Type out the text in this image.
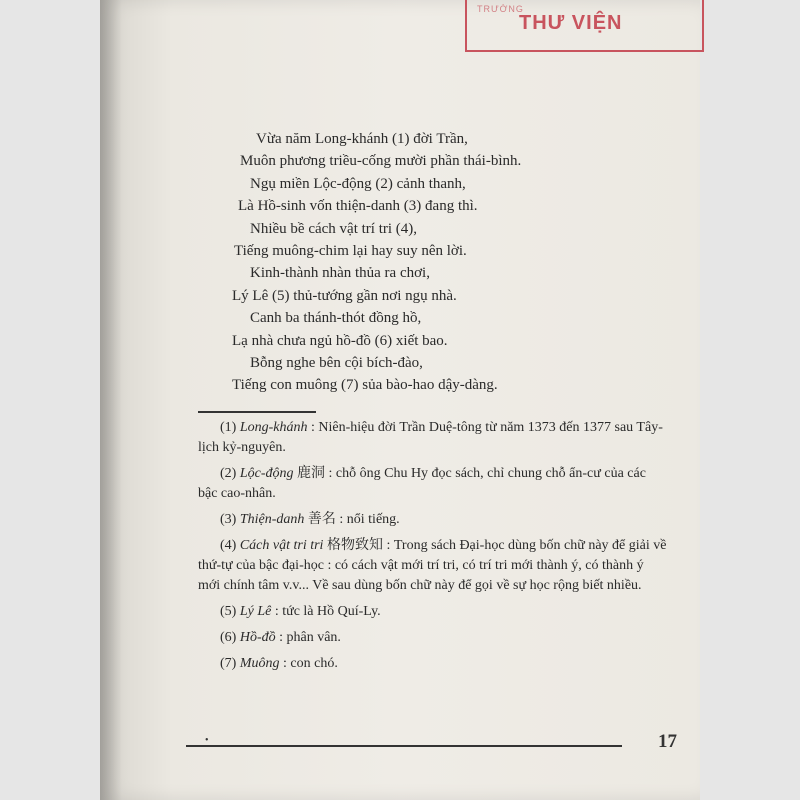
TRƯỜNG
THƯ VIỆN
Vừa năm Long-khánh (1) đời Trần,
Muôn phương triều-cống mười phần thái-bình.
Ngụ miền Lộc-động (2) cảnh thanh,
Là Hồ-sinh vốn thiện-danh (3) đang thì.
Nhiều bề cách vật trí tri (4),
Tiếng muông-chim lại hay suy nên lời.
Kinh-thành nhàn thủa ra chơi,
Lý Lê (5) thủ-tướng gần nơi ngụ nhà.
Canh ba thánh-thót đồng hồ,
Lạ nhà chưa ngủ hồ-đồ (6) xiết bao.
Bỗng nghe bên cội bích-đào,
Tiếng con muông (7) sủa bào-hao dậy-dàng.
(1) Long-khánh : Niên-hiệu đời Trần Duệ-tông từ năm 1373 đến 1377 sau Tây-lịch kỷ-nguyên.
(2) Lộc-động 鹿洞 : chỗ ông Chu Hy đọc sách, chỉ chung chỗ ẩn-cư của các bậc cao-nhân.
(3) Thiện-danh 善名 : nổi tiếng.
(4) Cách vật tri tri 格物致知 : Trong sách Đại-học dùng bốn chữ này để giải về thứ-tự của bậc đại-học : có cách vật mới trí tri, có trí tri mới thành ý, có thành ý mới chính tâm v.v... Về sau dùng bốn chữ này để gọi về sự học rộng biết nhiều.
(5) Lý Lê : tức là Hồ Quí-Ly.
(6) Hồ-đồ : phân vân.
(7) Muông : con chó.
•	17
